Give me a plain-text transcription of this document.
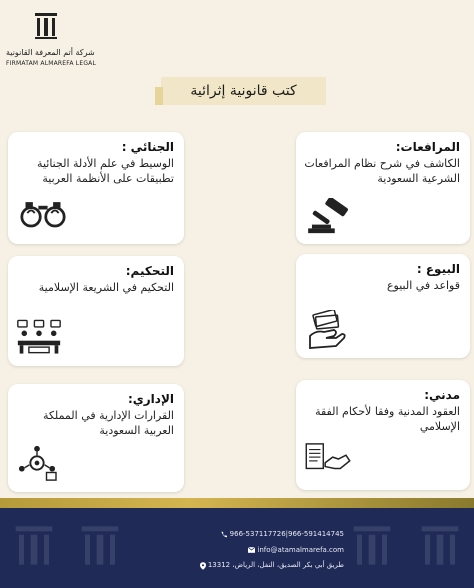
شركة أتم المعرفة القانونية
FIRMATAM ALMAREFA LEGAL
كتب قانونية إثرائية
الجنائي :
الوسيط في علم الأدلة الجنائية تطبيقات على الأنظمة العربية
المرافعات:
الكاشف في شرح نظام المرافعات الشرعية السعودية
التحكيم:
التحكيم في الشريعة الإسلامية
البيوع :
قواعد في البيوع
الإداري:
القرارات الإدارية في المملكة العربية السعودية
مدني:
العقود المدنية وفقا لأحكام الفقة الإسلامي
966-591414745|966-537117726
info@atamalmarefa.com
طريق أبي بكر الصديق، النفل، الرياض، 13312
